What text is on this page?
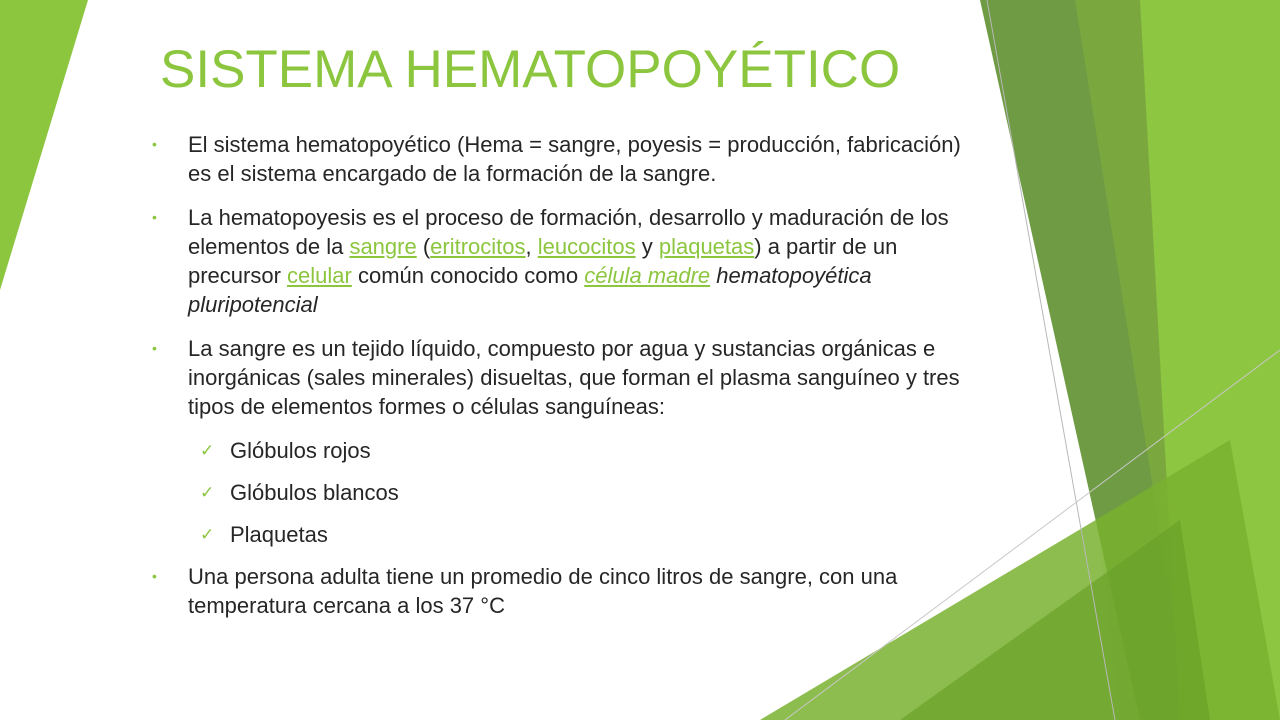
SISTEMA HEMATOPOYÉTICO
• El sistema hematopoyético (Hema = sangre, poyesis = producción, fabricación) es el sistema encargado de la formación de la sangre.
• La hematopoyesis es el proceso de formación, desarrollo y maduración de los elementos de la sangre (eritrocitos, leucocitos y plaquetas) a partir de un precursor celular común conocido como célula madre hematopoyética pluripotencial
• La sangre es un tejido líquido, compuesto por agua y sustancias orgánicas e inorgánicas (sales minerales) disueltas, que forman el plasma sanguíneo y tres tipos de elementos formes o células sanguíneas:
✓ Glóbulos rojos
✓ Glóbulos blancos
✓ Plaquetas
• Una persona adulta tiene un promedio de cinco litros de sangre, con una temperatura cercana a los 37 °C
